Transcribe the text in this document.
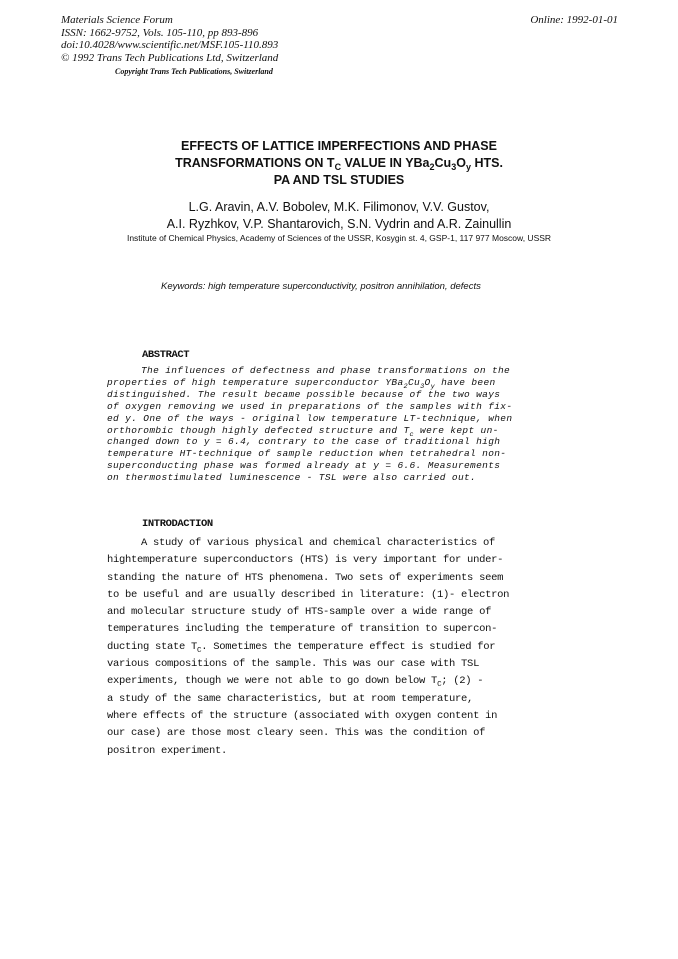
Materials Science Forum
ISSN: 1662-9752, Vols. 105-110, pp 893-896
doi:10.4028/www.scientific.net/MSF.105-110.893
© 1992 Trans Tech Publications Ltd, Switzerland
Online: 1992-01-01
Copyright Trans Tech Publications, Switzerland
EFFECTS OF LATTICE IMPERFECTIONS AND PHASE
TRANSFORMATIONS ON $T_C$ VALUE IN $YBa_2Cu_3O_y$ HTS.
PA AND TSL STUDIES
L.G. Aravin, A.V. Bobolev, M.K. Filimonov, V.V. Gustov,
A.I. Ryzhkov, V.P. Shantarovich, S.N. Vydrin and A.R. Zainullin
Institute of Chemical Physics, Academy of Sciences of the USSR, Kosygin st. 4, GSP-1, 117 977 Moscow, USSR
Keywords: high temperature superconductivity, positron annihilation, defects
ABSTRACT
The influences of defectness and phase transformations on the
properties of high temperature superconductor $YBa_2Cu_3O_y$ have been
distinguished. The result became possible because of the two ways
of oxygen removing we used in preparations of the samples with fix-
ed y. One of the ways - original low temperature LT-technique, when
orthorombic though highly defected structure and $T_c$ were kept un-
changed down to y = 6.4, contrary to the case of traditional high
temperature HT-technique of sample reduction when tetrahedral non-
superconducting phase was formed already at y = 6.6. Measurements
on thermostimulated luminescence - TSL were also carried out.
INTRODACTION
A study of various physical and chemical characteristics of
hightemperature superconductors (HTS) is very important for under-
standing the nature of HTS phenomena. Two sets of experiments seem
to be useful and are usually described in literature: (1)- electron
and molecular structure study of HTS-sample over a wide range of
temperatures including the temperature of transition to supercon-
ducting state $T_C$. Sometimes the temperature effect is studied for
various compositions of the sample. This was our case with TSL
experiments, though we were not able to go down below $T_C$; (2) -
a study of the same characteristics, but at room temperature,
where effects of the structure (associated with oxygen content in
our case) are those most cleary seen. This was the condition of
positron experiment.
